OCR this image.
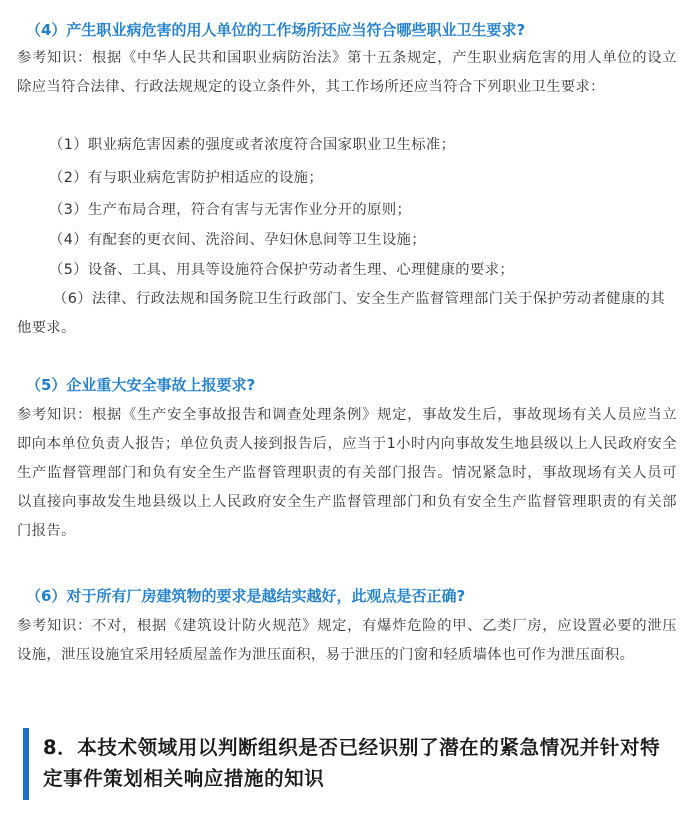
（4）产生职业病危害的用人单位的工作场所还应当符合哪些职业卫生要求?
参考知识：根据《中华人民共和国职业病防治法》第十五条规定，产生职业病危害的用人单位的设立除应当符合法律、行政法规规定的设立条件外，其工作场所还应当符合下列职业卫生要求：
（1）职业病危害因素的强度或者浓度符合国家职业卫生标准；
（2）有与职业病危害防护相适应的设施；
（3）生产布局合理，符合有害与无害作业分开的原则；
（4）有配套的更衣间、洗浴间、孕妇休息间等卫生设施；
（5）设备、工具、用具等设施符合保护劳动者生理、心理健康的要求；
（6）法律、行政法规和国务院卫生行政部门、安全生产监督管理部门关于保护劳动者健康的其他要求。
（5）企业重大安全事故上报要求?
参考知识：根据《生产安全事故报告和调查处理条例》规定，事故发生后，事故现场有关人员应当立即向本单位负责人报告；单位负责人接到报告后，应当于1小时内向事故发生地县级以上人民政府安全生产监督管理部门和负有安全生产监督管理职责的有关部门报告。情况紧急时，事故现场有关人员可以直接向事故发生地县级以上人民政府安全生产监督管理部门和负有安全生产监督管理职责的有关部门报告。
（6）对于所有厂房建筑物的要求是越结实越好，此观点是否正确?
参考知识：不对，根据《建筑设计防火规范》规定，有爆炸危险的甲、乙类厂房，应设置必要的泄压设施，泄压设施宜采用轻质屋盖作为泄压面积，易于泄压的门窗和轻质墙体也可作为泄压面积。
8．本技术领域用以判断组织是否已经识别了潜在的紧急情况并针对特定事件策划相关响应措施的知识
